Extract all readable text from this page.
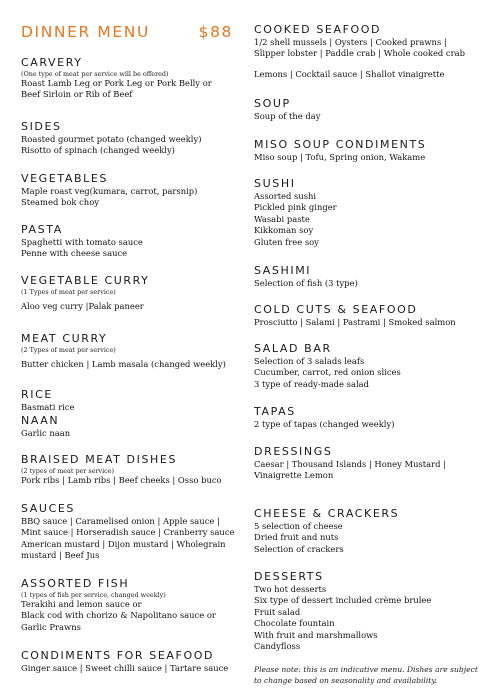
DINNER MENU	$88
CARVERY
(One type of meat per service will be offered)
Roast Lamb Leg or Pork Leg or Pork Belly or
Beef Sirloin or Rib of Beef
SIDES
Roasted gourmet potato (changed weekly)
Risotto of spinach (changed weekly)
VEGETABLES
Maple roast veg(kumara, carrot, parsnip)
Steamed bok choy
PASTA
Spaghetti with tomato sauce
Penne with cheese sauce
VEGETABLE CURRY
(1 Types of meat per service)
Aloo veg curry |Palak paneer
MEAT CURRY
(2 Types of meat per service)
Butter chicken | Lamb masala (changed weekly)
RICE
Basmati rice
NAAN
Garlic naan
BRAISED MEAT DISHES
(2 types of meat per service)
Pork ribs | Lamb ribs | Beef cheeks | Osso buco
SAUCES
BBQ sauce | Caramelised onion | Apple sauce |
Mint sauce | Horseradish sauce | Cranberry sauce
American mustard | Dijon mustard | Wholegrain
mustard | Beef Jus
ASSORTED FISH
(1 types of fish per service, changed weekly)
Terakihi and lemon sauce or
Black cod with chorizo & Napolitano sauce or
Garlic Prawns
CONDIMENTS FOR SEAFOOD
Ginger sauce | Sweet chilli sauce | Tartare sauce
COOKED SEAFOOD
1/2 shell mussels | Oysters | Cooked prawns |
Slipper lobster | Paddle crab | Whole cooked crab
Lemons | Cocktail sauce | Shallot vinaigrette
SOUP
Soup of the day
MISO SOUP CONDIMENTS
Miso soup | Tofu, Spring onion, Wakame
SUSHI
Assorted sushi
Pickled pink ginger
Wasabi paste
Kikkoman soy
Gluten free soy
SASHIMI
Selection of fish (3 type)
COLD CUTS & SEAFOOD
Prosciutto | Salami | Pastrami | Smoked salmon
SALAD BAR
Selection of 3 salads leafs
Cucumber, carrot, red onion slices
3 type of ready-made salad
TAPAS
2 type of tapas (changed weekly)
DRESSINGS
Caesar | Thousand Islands | Honey Mustard |
Vinaigrette Lemon
CHEESE & CRACKERS
5 selection of cheese
Dried fruit and nuts
Selection of crackers
DESSERTS
Two hot desserts
Six type of dessert included crème brulee
Fruit salad
Chocolate fountain
With fruit and marshmallows
Candyfloss
Please note: this is an indicative menu. Dishes are subject
to change based on seasonality and availability.
